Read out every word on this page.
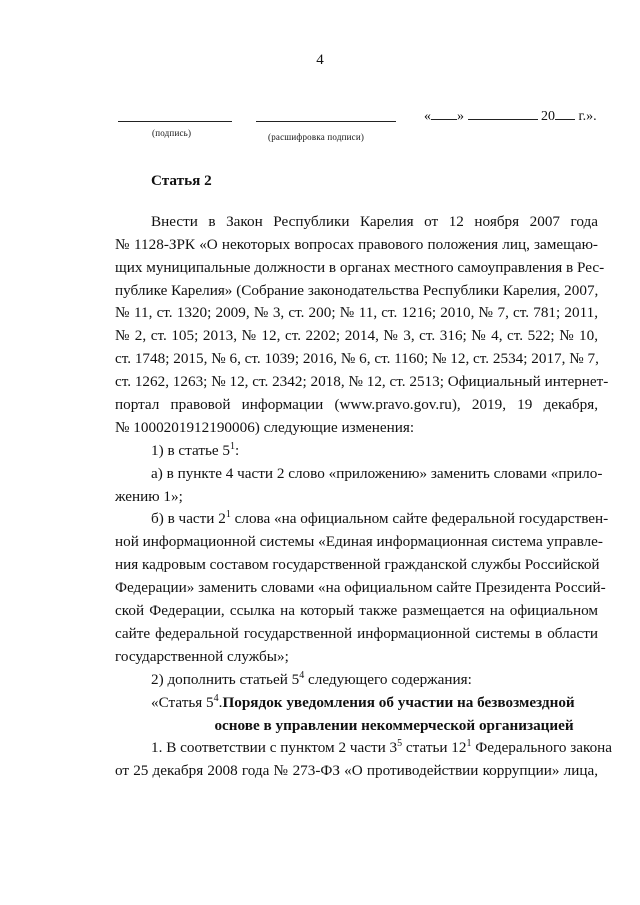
4
(подпись)	(расшифровка подписи)
« »	20 г.».
Статья 2
Внести в Закон Республики Карелия от 12 ноября 2007 года
№ 1128-ЗРК «О некоторых вопросах правового положения лиц, замещаю-
щих муниципальные должности в органах местного самоуправления в Рес-
публике Карелия» (Собрание законодательства Республики Карелия, 2007,
№ 11, ст. 1320; 2009, № 3, ст. 200; № 11, ст. 1216; 2010, № 7, ст. 781; 2011,
№ 2, ст. 105; 2013, № 12, ст. 2202; 2014, № 3, ст. 316; № 4, ст. 522; № 10,
ст. 1748; 2015, № 6, ст. 1039; 2016, № 6, ст. 1160; № 12, ст. 2534; 2017, № 7,
ст. 1262, 1263; № 12, ст. 2342; 2018, № 12, ст. 2513; Официальный интернет-
портал правовой информации (www.pravo.gov.ru), 2019, 19 декабря,
№ 1000201912190006) следующие изменения:
1) в статье $5^1$:
а) в пункте 4 части 2 слово «приложению» заменить словами «прило-
жению 1»;
б) в части $2^1$ слова «на официальном сайте федеральной государствен-
ной информационной системы «Единая информационная система управле-
ния кадровым составом государственной гражданской службы Российской
Федерации» заменить словами «на официальном сайте Президента Россий-
ской Федерации, ссылка на который также размещается на официальном
сайте федеральной государственной информационной системы в области
государственной службы»;
2) дополнить статьей $5^4$ следующего содержания:
«Статья $5^4$. Порядок уведомления об участии на безвозмездной
основе в управлении некоммерческой организацией
1. В соответствии с пунктом 2 части $3^5$ статьи $12^1$ Федерального закона
от 25 декабря 2008 года № 273-ФЗ «О противодействии коррупции» лица,
